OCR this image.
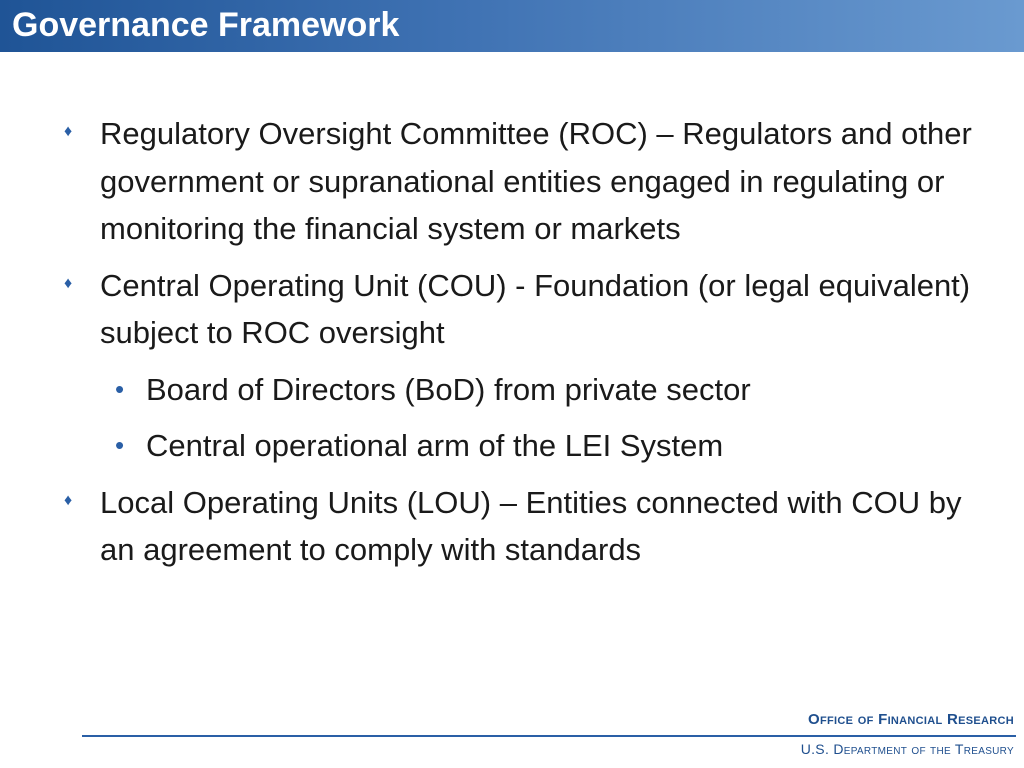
Governance Framework
♦ Regulatory Oversight Committee (ROC) – Regulators and other government or supranational entities engaged in regulating or monitoring the financial system or markets
♦ Central Operating Unit (COU) - Foundation (or legal equivalent) subject to ROC oversight
• Board of Directors (BoD) from private sector
• Central operational arm of the LEI System
♦ Local Operating Units (LOU) – Entities connected with COU by an agreement to comply with standards
Office of Financial Research
U.S. Department of the Treasury
